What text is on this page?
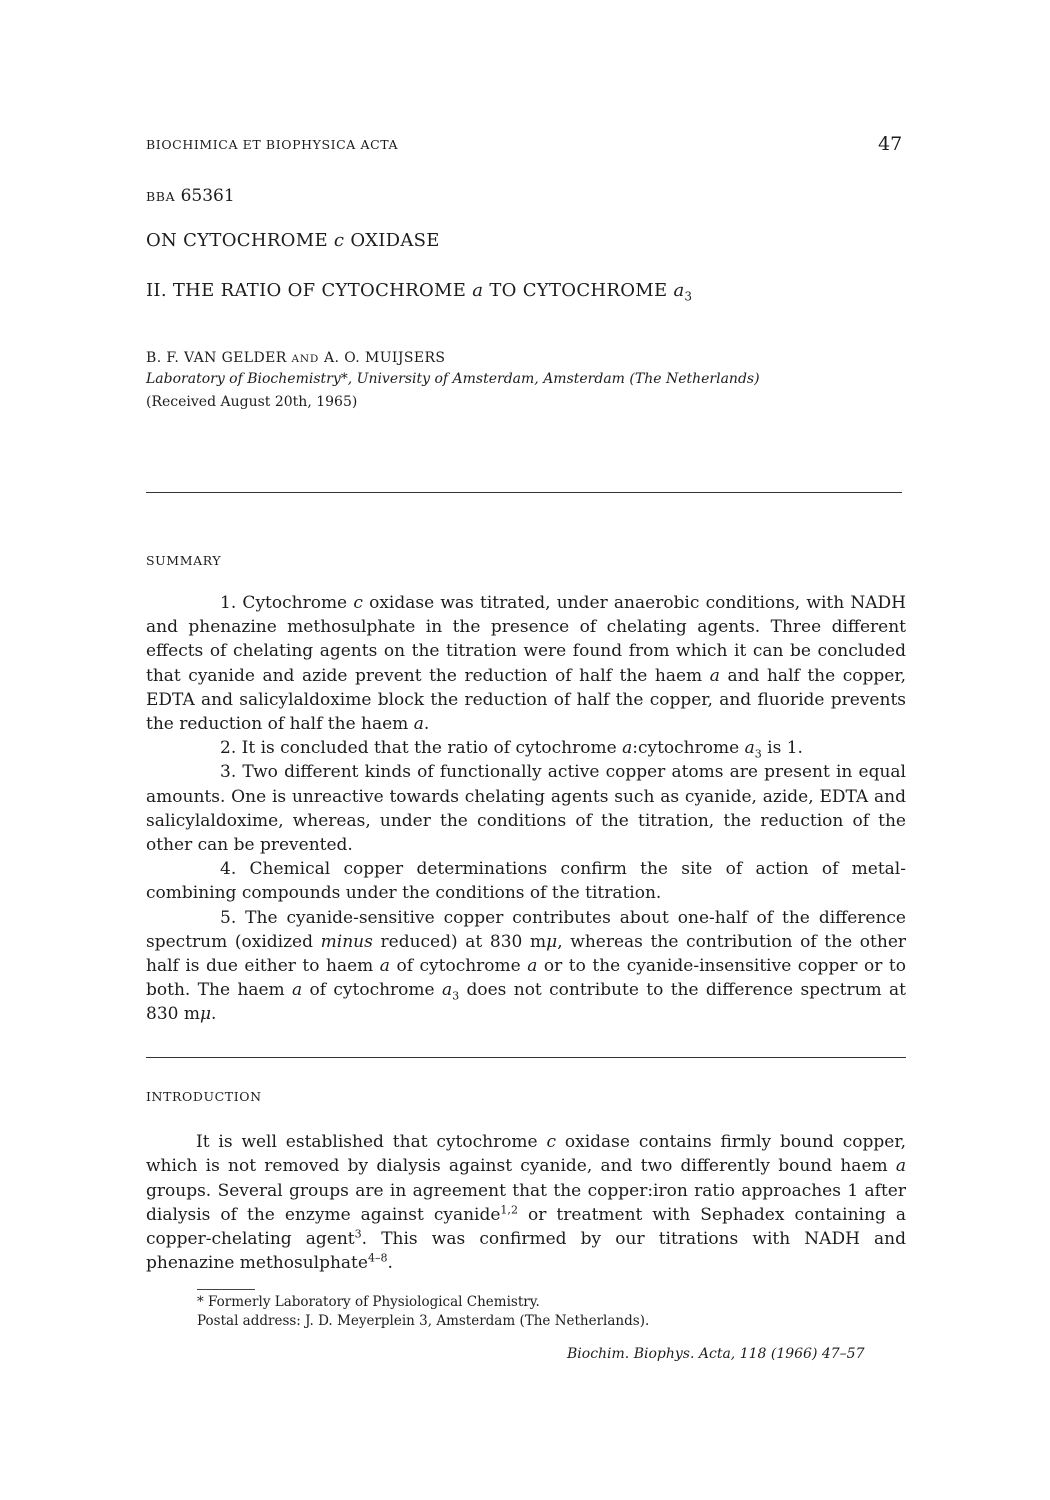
BIOCHIMICA ET BIOPHYSICA ACTA	47
BBA 65361
ON CYTOCHROME c OXIDASE
II. THE RATIO OF CYTOCHROME a TO CYTOCHROME $a_3$
B. F. VAN GELDER AND A. O. MUIJSERS
Laboratory of Biochemistry*, University of Amsterdam, Amsterdam (The Netherlands)
(Received August 20th, 1965)
SUMMARY

1. Cytochrome c oxidase was titrated, under anaerobic conditions, with NADH and phenazine methosulphate in the presence of chelating agents. Three different effects of chelating agents on the titration were found from which it can be concluded that cyanide and azide prevent the reduction of half the haem a and half the copper, EDTA and salicylaldoxime block the reduction of half the copper, and fluoride prevents the reduction of half the haem a.

2. It is concluded that the ratio of cytochrome a:cytochrome $a_3$ is 1.

3. Two different kinds of functionally active copper atoms are present in equal amounts. One is unreactive towards chelating agents such as cyanide, azide, EDTA and salicylaldoxime, whereas, under the conditions of the titration, the reduction of the other can be prevented.

4. Chemical copper determinations confirm the site of action of metal-combining compounds under the conditions of the titration.

5. The cyanide-sensitive copper contributes about one-half of the difference spectrum (oxidized minus reduced) at 830 mμ, whereas the contribution of the other half is due either to haem a of cytochrome a or to the cyanide-insensitive copper or to both. The haem a of cytochrome $a_3$ does not contribute to the difference spectrum at 830 mμ.

INTRODUCTION

It is well established that cytochrome c oxidase contains firmly bound copper, which is not removed by dialysis against cyanide, and two differently bound haem a groups. Several groups are in agreement that the copper:iron ratio approaches 1 after dialysis of the enzyme against cyanide$^{1,2}$ or treatment with Sephadex containing a copper-chelating agent$^3$. This was confirmed by our titrations with NADH and phenazine methosulphate$^{4-8}$.

* Formerly Laboratory of Physiological Chemistry.
Postal address: J. D. Meyerplein 3, Amsterdam (The Netherlands).
Biochim. Biophys. Acta, 118 (1966) 47–57
